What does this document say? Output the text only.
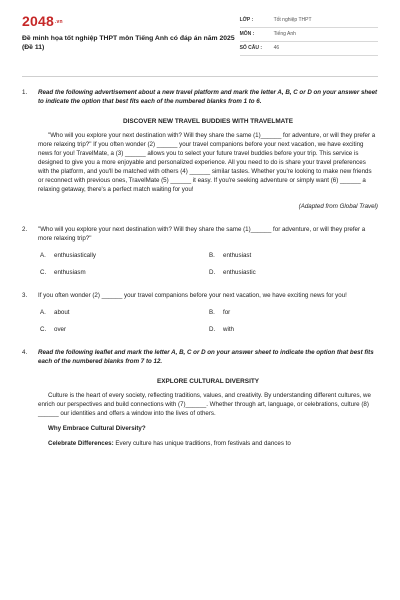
2048.vn
Đề minh họa tốt nghiệp THPT môn Tiếng Anh có đáp án năm 2025 (Đề 11)
LỚP :	Tốt nghiệp THPT
MÔN :	Tiếng Anh
SỐ CÂU :	46
1.	Read the following advertisement about a new travel platform and mark the letter A, B, C or D on your answer sheet to indicate the option that best fits each of the numbered blanks from 1 to 6.
DISCOVER NEW TRAVEL BUDDIES WITH TRAVELMATE
"Who will you explore your next destination with? Will they share the same (1)______ for adventure, or will they prefer a more relaxing trip?" If you often wonder (2) ______ your travel companions before your next vacation, we have exciting news for you! TravelMate, a (3) ______ allows you to select your future travel buddies before your trip. This service is designed to give you a more enjoyable and personalized experience. All you need to do is share your travel preferences with the platform, and you'll be matched with others (4) ______ similar tastes. Whether you're looking to make new friends or reconnect with previous ones, TravelMate (5) ______ it easy. If you're seeking adventure or simply want (6) ______ a relaxing getaway, there's a perfect match waiting for you!
(Adapted from Global Travel)
2.	"Who will you explore your next destination with? Will they share the same (1)______ for adventure, or will they prefer a more relaxing trip?"
A.	enthusiastically	B.	enthusiast
C.	enthusiasm	D.	enthusiastic
3.	If you often wonder (2) ______ your travel companions before your next vacation, we have exciting news for you!
A.	about	B.	for
C.	over	D.	with
4.	Read the following leaflet and mark the letter A, B, C or D on your answer sheet to indicate the option that best fits each of the numbered blanks from 7 to 12.
EXPLORE CULTURAL DIVERSITY
Culture is the heart of every society, reflecting traditions, values, and creativity. By understanding different cultures, we enrich our perspectives and build connections with (7)______. Whether through art, language, or celebrations, culture (8) ______ our identities and offers a window into the lives of others.
Why Embrace Cultural Diversity?
Celebrate Differences: Every culture has unique traditions, from festivals and dances to
